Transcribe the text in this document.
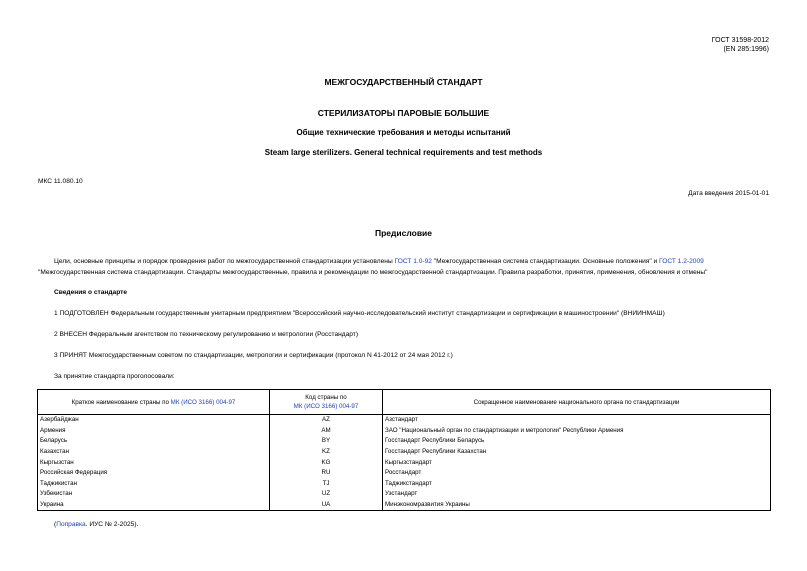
ГОСТ 31598-2012
(EN 285:1996)
МЕЖГОСУДАРСТВЕННЫЙ СТАНДАРТ
СТЕРИЛИЗАТОРЫ ПАРОВЫЕ БОЛЬШИЕ
Общие технические требования и методы испытаний
Steam large sterilizers. General technical requirements and test methods
МКС 11.080.10
Дата введения 2015-01-01
Предисловие
Цели, основные принципы и порядок проведения работ по межгосударственной стандартизации установлены ГОСТ 1.0-92 "Межгосударственная система стандартизации. Основные положения" и ГОСТ 1.2-2009 "Межгосударственная система стандартизации. Стандарты межгосударственные, правила и рекомендации по межгосударственной стандартизации. Правила разработки, принятия, применения, обновления и отмены"
Сведения о стандарте
1 ПОДГОТОВЛЕН Федеральным государственным унитарным предприятием "Всероссийский научно-исследовательский институт стандартизации и сертификации в машиностроении" (ВНИИНМАШ)
2 ВНЕСЕН Федеральным агентством по техническому регулированию и метрологии (Росстандарт)
3 ПРИНЯТ Межгосударственным советом по стандартизации, метрологии и сертификации (протокол N 41-2012 от 24 мая 2012 г.)
За принятие стандарта проголосовали:
Краткое наименование страны по МК (ИСО 3166) 004-97	Код страны по
МК (ИСО 3166) 004-97	Сокращенное наименование национального органа по стандартизации
Азербайджан	AZ	Азстандарт
Армения	AM	ЗАО "Национальный орган по стандартизации и метрологии" Республики Армения
Беларусь	BY	Госстандарт Республики Беларусь
Казахстан	KZ	Госстандарт Республики Казахстан
Кыргызстан	KG	Кыргызстандарт
Российская Федерация	RU	Росстандарт
Таджикистан	TJ	Таджикстандарт
Узбекистан	UZ	Узстандарт
Украина	UA	Минэкономразвития Украины
(Поправка. ИУС № 2-2025).
